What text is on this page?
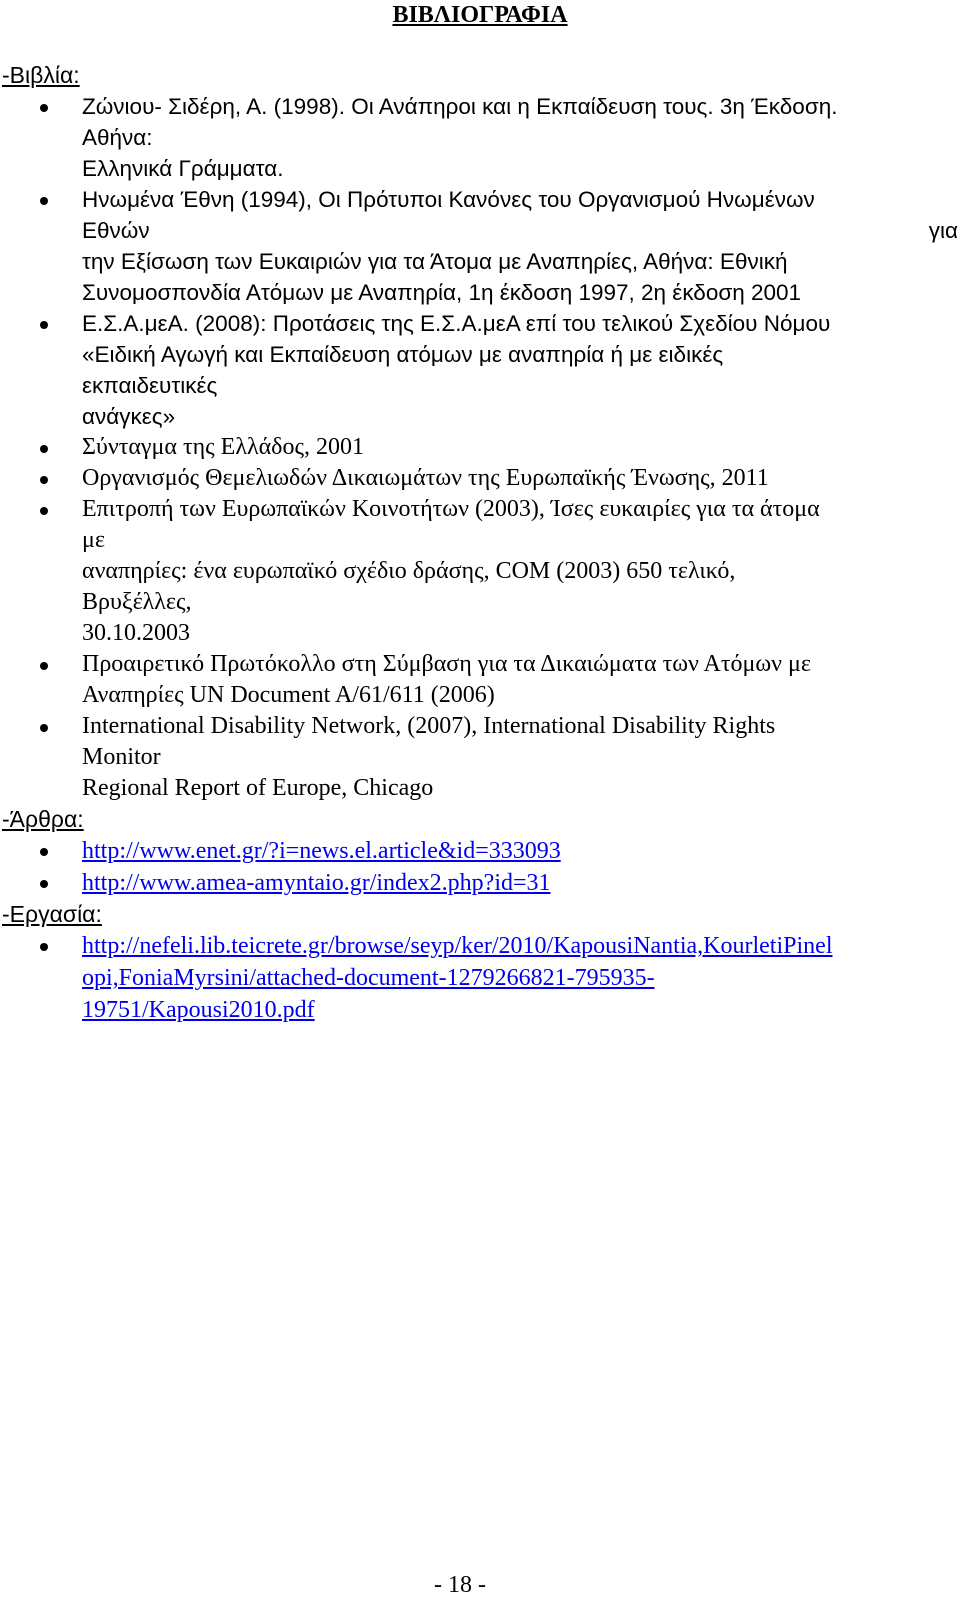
ΒΙΒΛΙΟΓΡΑΦΙΑ
-Βιβλία:
Ζώνιου- Σιδέρη, Α. (1998). Οι Ανάπηροι και η Εκπαίδευση τους. 3η Έκδοση.
Αθήνα:
Ελληνικά Γράμματα.
Ηνωμένα Έθνη (1994), Οι Πρότυποι Κανόνες του Οργανισμού Ηνωμένων
Εθνών	για
την Εξίσωση των Ευκαιριών για τα Άτομα με Αναπηρίες, Αθήνα: Εθνική
Συνομοσπονδία Ατόμων με Αναπηρία, 1η έκδοση 1997, 2η έκδοση 2001
Ε.Σ.Α.μεΑ. (2008): Προτάσεις της Ε.Σ.Α.μεΑ επί του τελικού Σχεδίου Νόμου
«Ειδική Αγωγή και Εκπαίδευση ατόμων με αναπηρία ή με ειδικές
εκπαιδευτικές
ανάγκες»
Σύνταγμα της Ελλάδος, 2001
Οργανισμός Θεμελιωδών Δικαιωμάτων της Ευρωπαϊκής Ένωσης, 2011
Επιτροπή των Ευρωπαϊκών Κοινοτήτων (2003), Ίσες ευκαιρίες για τα άτομα
με
αναπηρίες: ένα ευρωπαϊκό σχέδιο δράσης, COM (2003) 650 τελικό,
Βρυξέλλες,
30.10.2003
Προαιρετικό Πρωτόκολλο στη Σύμβαση για τα Δικαιώματα των Ατόμων με
Αναπηρίες UN Document A/61/611 (2006)
International Disability Network, (2007), International Disability Rights
Monitor
Regional Report of Europe, Chicago
-Άρθρα:
http://www.enet.gr/?i=news.el.article&id=333093
http://www.amea-amyntaio.gr/index2.php?id=31
-Εργασία:
http://nefeli.lib.teicrete.gr/browse/seyp/ker/2010/KapousiNantia,KourletiPinel
opi,FoniaMyrsini/attached-document-1279266821-795935-
19751/Kapousi2010.pdf
- 18 -
